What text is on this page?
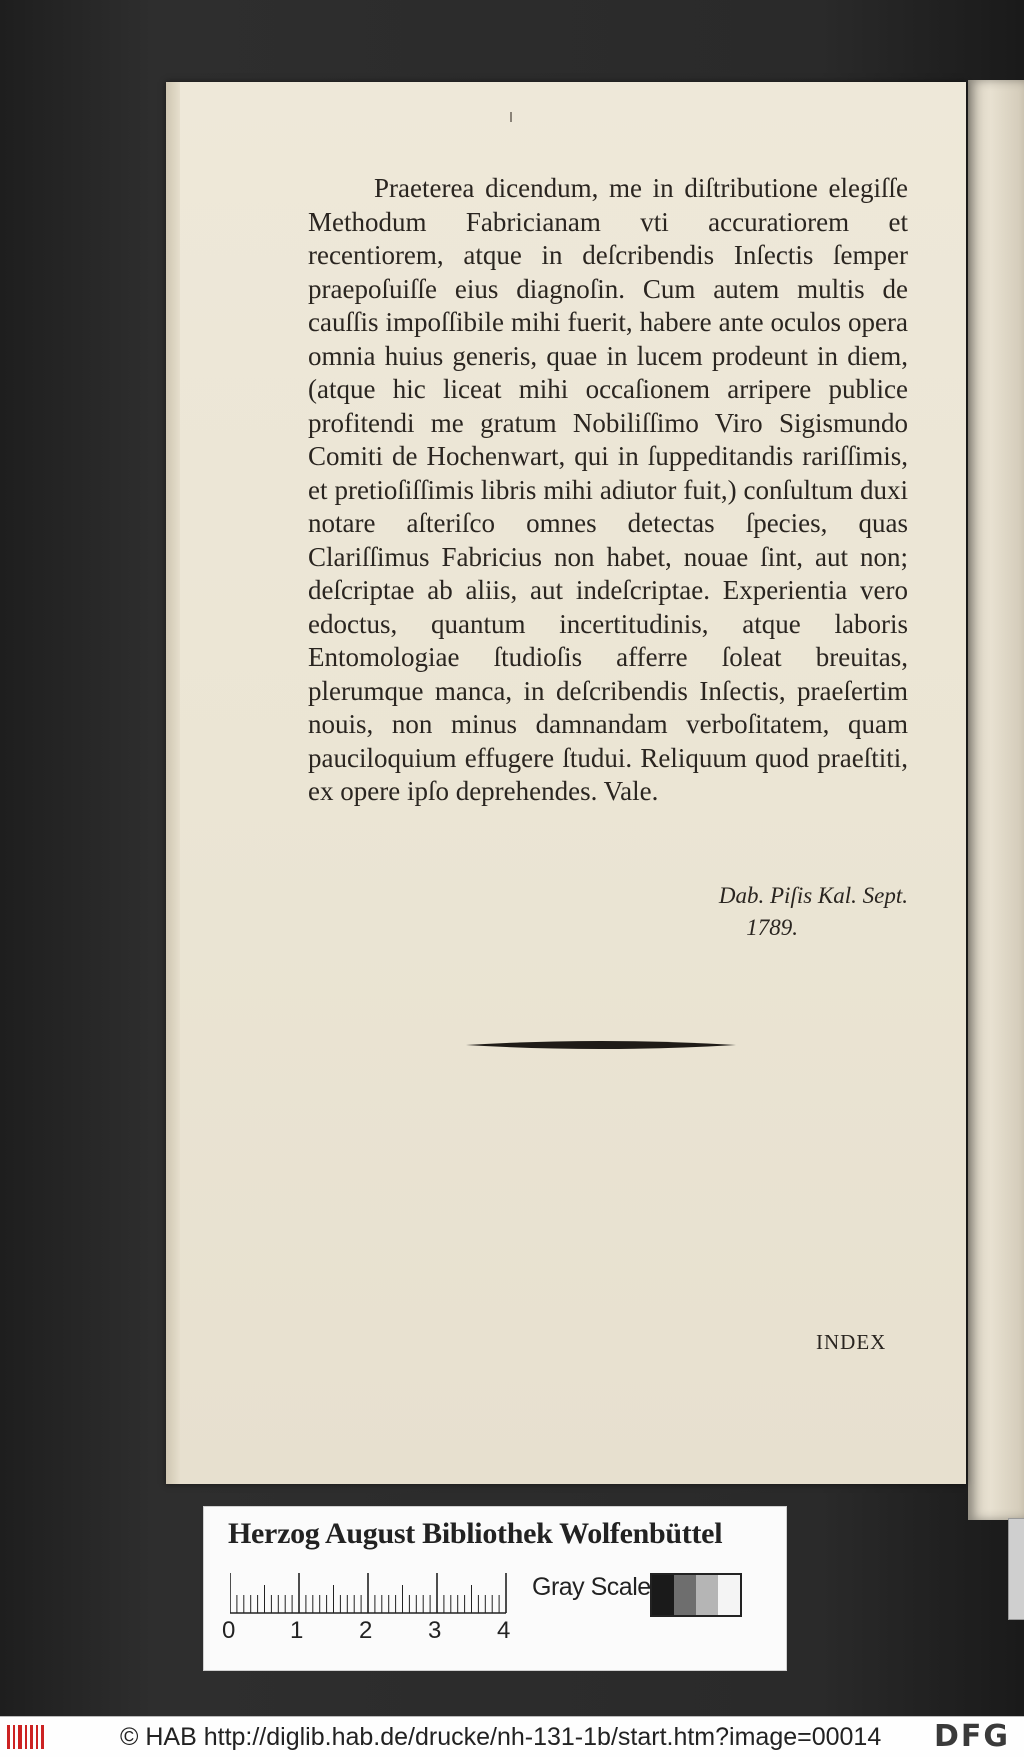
Praeterea dicendum, me in diſtributione elegiſſe Methodum Fabricianam vti accuratiorem et recentiorem, atque in deſcribendis Inſectis ſemper praepoſuiſſe eius diagnoſin. Cum autem multis de cauſſis impoſſibile mihi fuerit, habere ante oculos opera omnia huius generis, quae in lucem prodeunt in diem, (atque hic liceat mihi occaſionem arripere publice profitendi me gratum Nobiliſſimo Viro Sigismundo Comiti de Hochenwart, qui in ſuppeditandis rariſſimis, et pretioſiſſimis libris mihi adiutor fuit,) conſultum duxi notare aſteriſco omnes detectas ſpecies, quas Clariſſimus Fabricius non habet, nouae ſint, aut non; deſcriptae ab aliis, aut indeſcriptae. Experientia vero edoctus, quantum incertitudinis, atque laboris Entomologiae ſtudioſis afferre ſoleat breuitas, plerumque manca, in deſcribendis Inſectis, praeſertim nouis, non minus damnandam verboſitatem, quam pauciloquium effugere ſtudui. Reliquum quod praeſtiti, ex opere ipſo deprehendes. Vale.

Dab. Piſis Kal. Sept.
1789.
INDEX
Herzog August Bibliothek Wolfenbüttel
0 1 2 3 4
Gray Scale
© HAB http://diglib.hab.de/drucke/nh-131-1b/start.htm?image=00014 DFG
